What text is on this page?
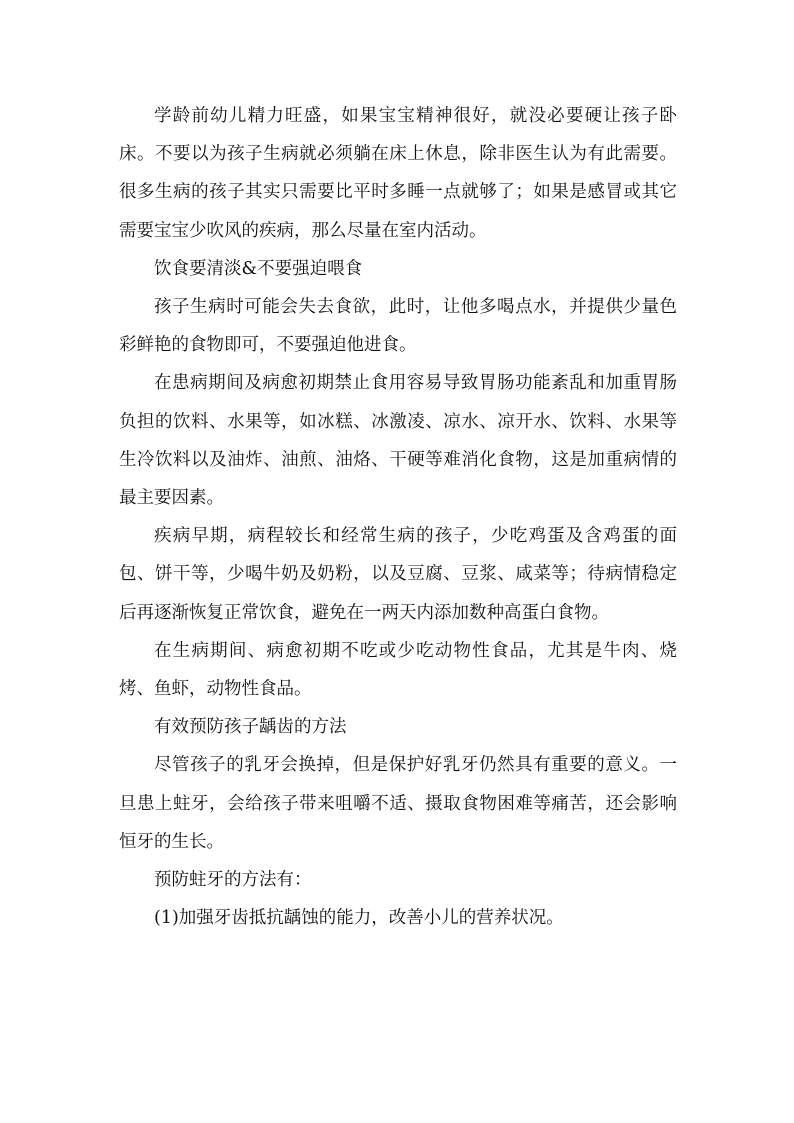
学龄前幼儿精力旺盛，如果宝宝精神很好，就没必要硬让孩子卧床。不要以为孩子生病就必须躺在床上休息，除非医生认为有此需要。很多生病的孩子其实只需要比平时多睡一点就够了；如果是感冒或其它需要宝宝少吹风的疾病，那么尽量在室内活动。

饮食要清淡&不要强迫喂食

孩子生病时可能会失去食欲，此时，让他多喝点水，并提供少量色彩鲜艳的食物即可，不要强迫他进食。

在患病期间及病愈初期禁止食用容易导致胃肠功能紊乱和加重胃肠负担的饮料、水果等，如冰糕、冰激凌、凉水、凉开水、饮料、水果等生冷饮料以及油炸、油煎、油烙、干硬等难消化食物，这是加重病情的最主要因素。

疾病早期，病程较长和经常生病的孩子，少吃鸡蛋及含鸡蛋的面包、饼干等，少喝牛奶及奶粉，以及豆腐、豆浆、咸菜等；待病情稳定后再逐渐恢复正常饮食，避免在一两天内添加数种高蛋白食物。

在生病期间、病愈初期不吃或少吃动物性食品，尤其是牛肉、烧烤、鱼虾，动物性食品。

有效预防孩子龋齿的方法

尽管孩子的乳牙会换掉，但是保护好乳牙仍然具有重要的意义。一旦患上蛀牙，会给孩子带来咀嚼不适、摄取食物困难等痛苦，还会影响恒牙的生长。

预防蛀牙的方法有：

(1)加强牙齿抵抗龋蚀的能力，改善小儿的营养状况。
